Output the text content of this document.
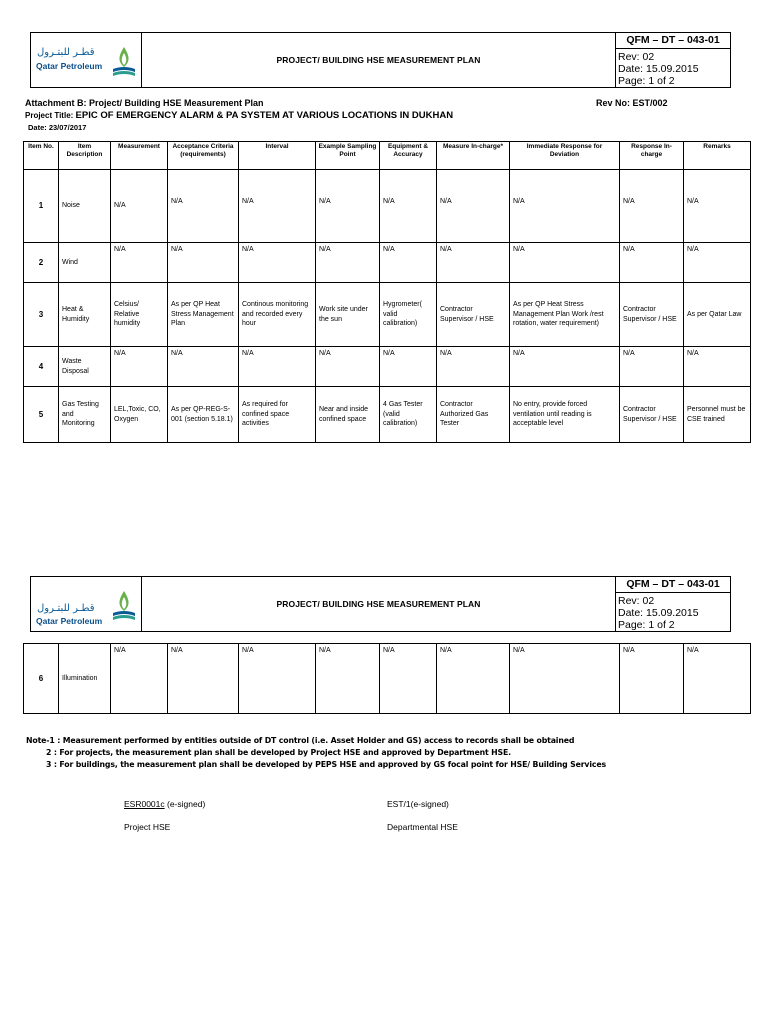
قطـر للبتـرول
Qatar Petroleum
PROJECT/ BUILDING HSE MEASUREMENT PLAN
QFM – DT – 043-01
Rev: 02
Date: 15.09.2015
Page: 1 of 2
Attachment B: Project/ Building HSE Measurement Plan	Rev No: EST/002
Project Title: EPIC OF EMERGENCY ALARM & PA SYSTEM AT VARIOUS LOCATIONS IN DUKHAN
Date: 23/07/2017
Item No.	Item Description	Measurement	Acceptance Criteria (requirements)	Interval	Example Sampling Point	Equipment & Accuracy	Measure In-charge*	Immediate Response for Deviation	Response In-charge	Remarks
1	Noise	N/A	N/A	N/A	N/A	N/A	N/A	N/A	N/A	N/A
2	Wind	N/A	N/A	N/A	N/A	N/A	N/A	N/A	N/A	N/A
3	Heat & Humidity	Celsius/ Relative humidity	As per QP Heat Stress Management Plan	Continous monitoring and recorded every hour	Work site under the sun	Hygrometer( valid calibration)	Contractor Supervisor / HSE	As per QP Heat Stress Management Plan Work /rest rotation, water requirement)	Contractor Supervisor / HSE	As per Qatar Law
4	Waste Disposal	N/A	N/A	N/A	N/A	N/A	N/A	N/A	N/A	N/A
5	Gas Testing and Monitoring	LEL,Toxic, CO, Oxygen	As per QP-REG-S-001 (section 5.18.1)	As required for confined space activities	Near and inside confined space	4 Gas Tester (valid calibration)	Contractor Authorized Gas Tester	No entry, provide forced ventilation until reading is acceptable level	Contractor Supervisor / HSE	Personnel must be CSE trained
قطـر للبتـرول
Qatar Petroleum
PROJECT/ BUILDING HSE MEASUREMENT PLAN
QFM – DT – 043-01
Rev: 02
Date: 15.09.2015
Page: 1 of 2
6	Illumination	N/A	N/A	N/A	N/A	N/A	N/A	N/A	N/A	N/A
Note-1 : Measurement performed by entities outside of DT control (i.e. Asset Holder and GS) access to records shall be obtained
2 : For projects, the measurement plan shall be developed by Project HSE and approved by Department HSE.
3 : For buildings, the measurement plan shall be developed by PEPS HSE and approved by GS focal point for HSE/ Building Services
ESR0001c (e-signed)
Project HSE
EST/1(e-signed)
Departmental HSE
